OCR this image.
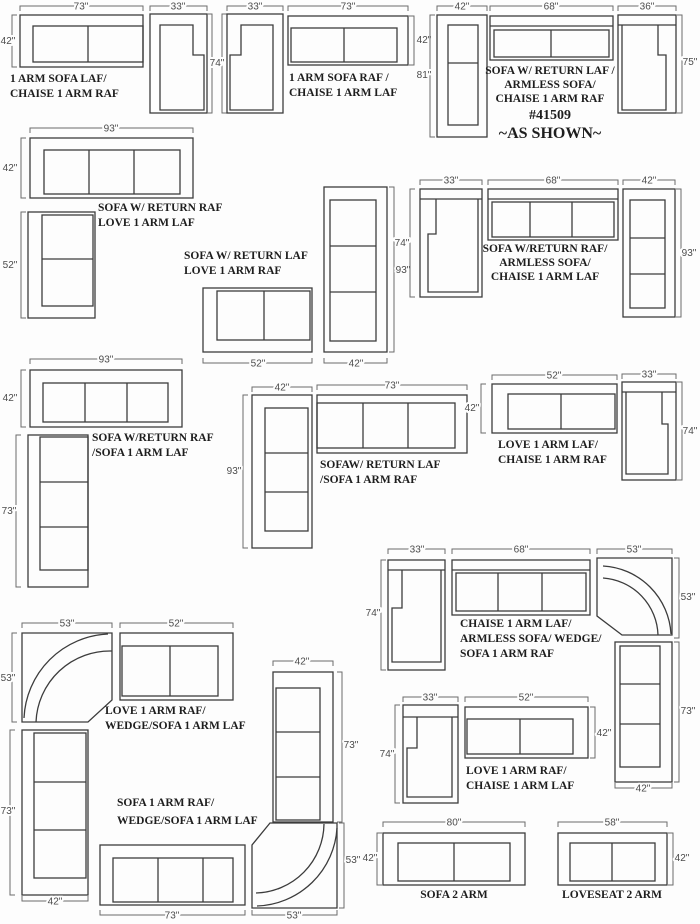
73"
42"
33"
74"
33"
1 ARM SOFA LAF/
CHAISE 1 ARM RAF
73"
42"
1 ARM SOFA RAF /
CHAISE 1 ARM LAF
42"
81"
68"	36"
75"
SOFA W/ RETURN LAF /
ARMLESS SOFA/
CHAISE 1 ARM RAF
#41509
~AS SHOWN~
93"
42"
52"
SOFA W/ RETURN RAF
LOVE 1 ARM LAF
SOFA W/ RETURN LAF
LOVE 1 ARM RAF
52"
93"
42"
33"
74"
68"	42"
93"
SOFA W/RETURN RAF/
ARMLESS SOFA/
CHAISE 1 ARM LAF
93"
42"
73"
SOFA W/RETURN RAF
/SOFA 1 ARM LAF
42"
93"
73"
SOFAW/ RETURN LAF
/SOFA 1 ARM RAF
52"
42"
33"
74"
LOVE 1 ARM LAF/
CHAISE 1 ARM RAF
33"
74"
68"	53"
53"
73"
42"
CHAISE 1 ARM LAF/
ARMLESS SOFA/ WEDGE/
SOFA 1 ARM RAF
53"
53"
52"
73"
42"
LOVE 1 ARM RAF/
WEDGE/SOFA 1 ARM LAF
42"
73"
53"
53"
73"
SOFA 1 ARM RAF/
WEDGE/SOFA 1 ARM LAF
33"
74"
52"
42"
LOVE 1 ARM RAF/
CHAISE 1 ARM LAF
80"
42"
SOFA 2 ARM
58"
42"
LOVESEAT 2 ARM
